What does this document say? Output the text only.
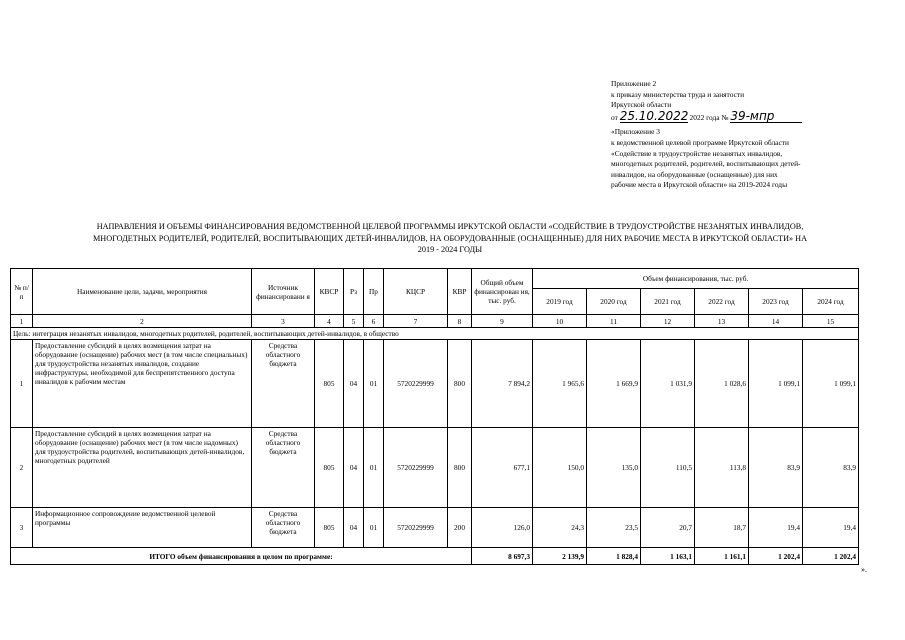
Приложение 2
к приказу министерства труда и занятости
Иркутской области
от 25.10.2022 2022 года № 39-мпр
«Приложение 3
к ведомственной целевой программе Иркутской области
«Содействие в трудоустройстве незанятых инвалидов,
многодетных родителей, родителей, воспитывающих детей-
инвалидов, на оборудованные (оснащенные) для них
рабочие места в Иркутской области» на 2019-2024 годы
НАПРАВЛЕНИЯ И ОБЪЕМЫ ФИНАНСИРОВАНИЯ ВЕДОМСТВЕННОЙ ЦЕЛЕВОЙ ПРОГРАММЫ ИРКУТСКОЙ ОБЛАСТИ «СОДЕЙСТВИЕ В ТРУДОУСТРОЙСТВЕ НЕЗАНЯТЫХ ИНВАЛИДОВ,
МНОГОДЕТНЫХ РОДИТЕЛЕЙ, РОДИТЕЛЕЙ, ВОСПИТЫВАЮЩИХ ДЕТЕЙ-ИНВАЛИДОВ, НА ОБОРУДОВАННЫЕ (ОСНАЩЕННЫЕ) ДЛЯ НИХ РАБОЧИЕ МЕСТА В ИРКУТСКОЙ ОБЛАСТИ» НА
2019 - 2024 ГОДЫ
№ п/п	Наименование цели, задачи, мероприятия	Источник финансировани я	КВСР	Рз	Пр	КЦСР	КВР	Общий объем финансирован ия, тыс. руб.	Объем финансирования, тыс. руб.					
									2019 год	2020 год	2021 год	2022 год	2023 год	2024 год
1	2	3	4	5	6	7	8	9	10	11	12	13	14	15
Цель: интеграция незанятых инвалидов, многодетных родителей, родителей, воспитывающих детей-инвалидов, в общество														
1	Предоставление субсидий в целях возмещения затрат на оборудование (оснащение) рабочих мест (в том числе специальных) для трудоустройства незанятых инвалидов, создание инфраструктуры, необходимой для беспрепятственного доступа инвалидов к рабочим местам	Средства областного бюджета	805	04	01	5720229999	800	7 894,2	1 965,6	1 669,9	1 031,9	1 028,6	1 099,1	1 099,1
2	Предоставление субсидий в целях возмещения затрат на оборудование (оснащение) рабочих мест (в том числе надомных) для трудоустройства родителей, воспитывающих детей-инвалидов, многодетных родителей	Средства областного бюджета	805	04	01	5720229999	800	677,1	150,0	135,0	110,5	113,8	83,9	83,9
3	Информационное сопровождение ведомственной целевой программы	Средства областного бюджета	805	04	01	5720229999	200	126,0	24,3	23,5	20,7	18,7	19,4	19,4
ИТОГО объем финансирования в целом по программе:								8 697,3	2 139,9	1 828,4	1 163,1	1 161,1	1 202,4	1 202,4
».
